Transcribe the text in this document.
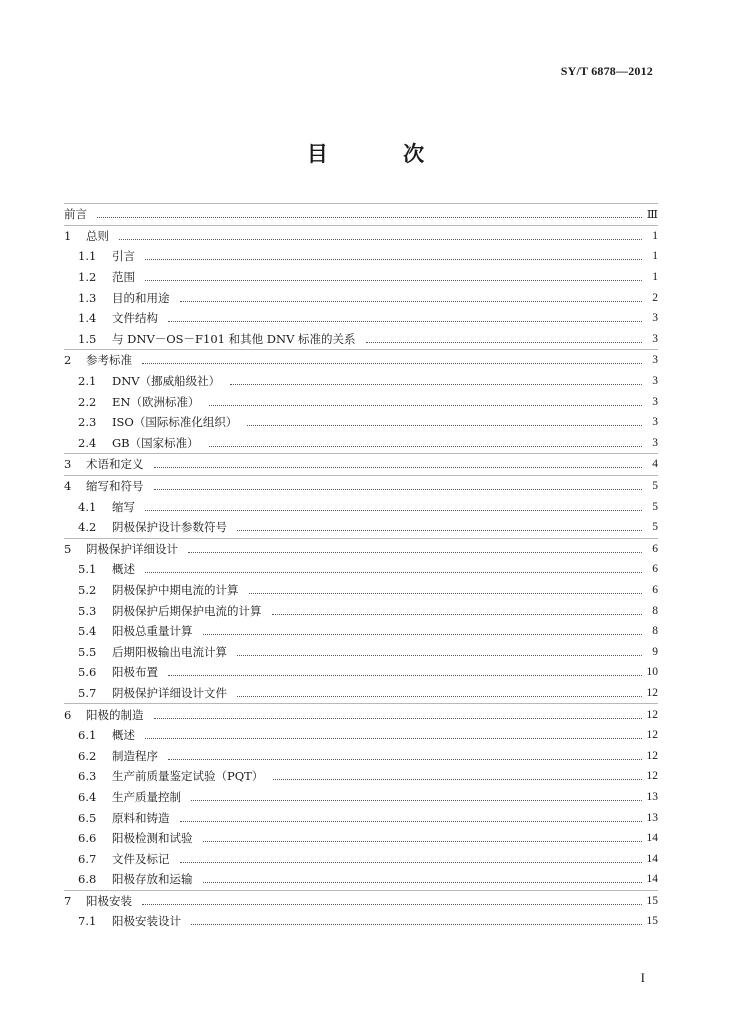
SY/T 6878—2012
目 次
前言	Ⅲ
1	总则	1
1.1	引言	1
1.2	范围	1
1.3	目的和用途	2
1.4	文件结构	3
1.5	与 DNV－OS－F101 和其他 DNV 标准的关系	3
2	参考标准	3
2.1	DNV（挪威船级社）	3
2.2	EN（欧洲标准）	3
2.3	ISO（国际标准化组织）	3
2.4	GB（国家标准）	3
3	术语和定义	4
4	缩写和符号	5
4.1	缩写	5
4.2	阴极保护设计参数符号	5
5	阴极保护详细设计	6
5.1	概述	6
5.2	阴极保护中期电流的计算	6
5.3	阴极保护后期保护电流的计算	8
5.4	阳极总重量计算	8
5.5	后期阳极输出电流计算	9
5.6	阳极布置	10
5.7	阴极保护详细设计文件	12
6	阳极的制造	12
6.1	概述	12
6.2	制造程序	12
6.3	生产前质量鉴定试验（PQT）	12
6.4	生产质量控制	13
6.5	原料和铸造	13
6.6	阳极检测和试验	14
6.7	文件及标记	14
6.8	阳极存放和运输	14
7	阳极安装	15
7.1	阳极安装设计	15
I
